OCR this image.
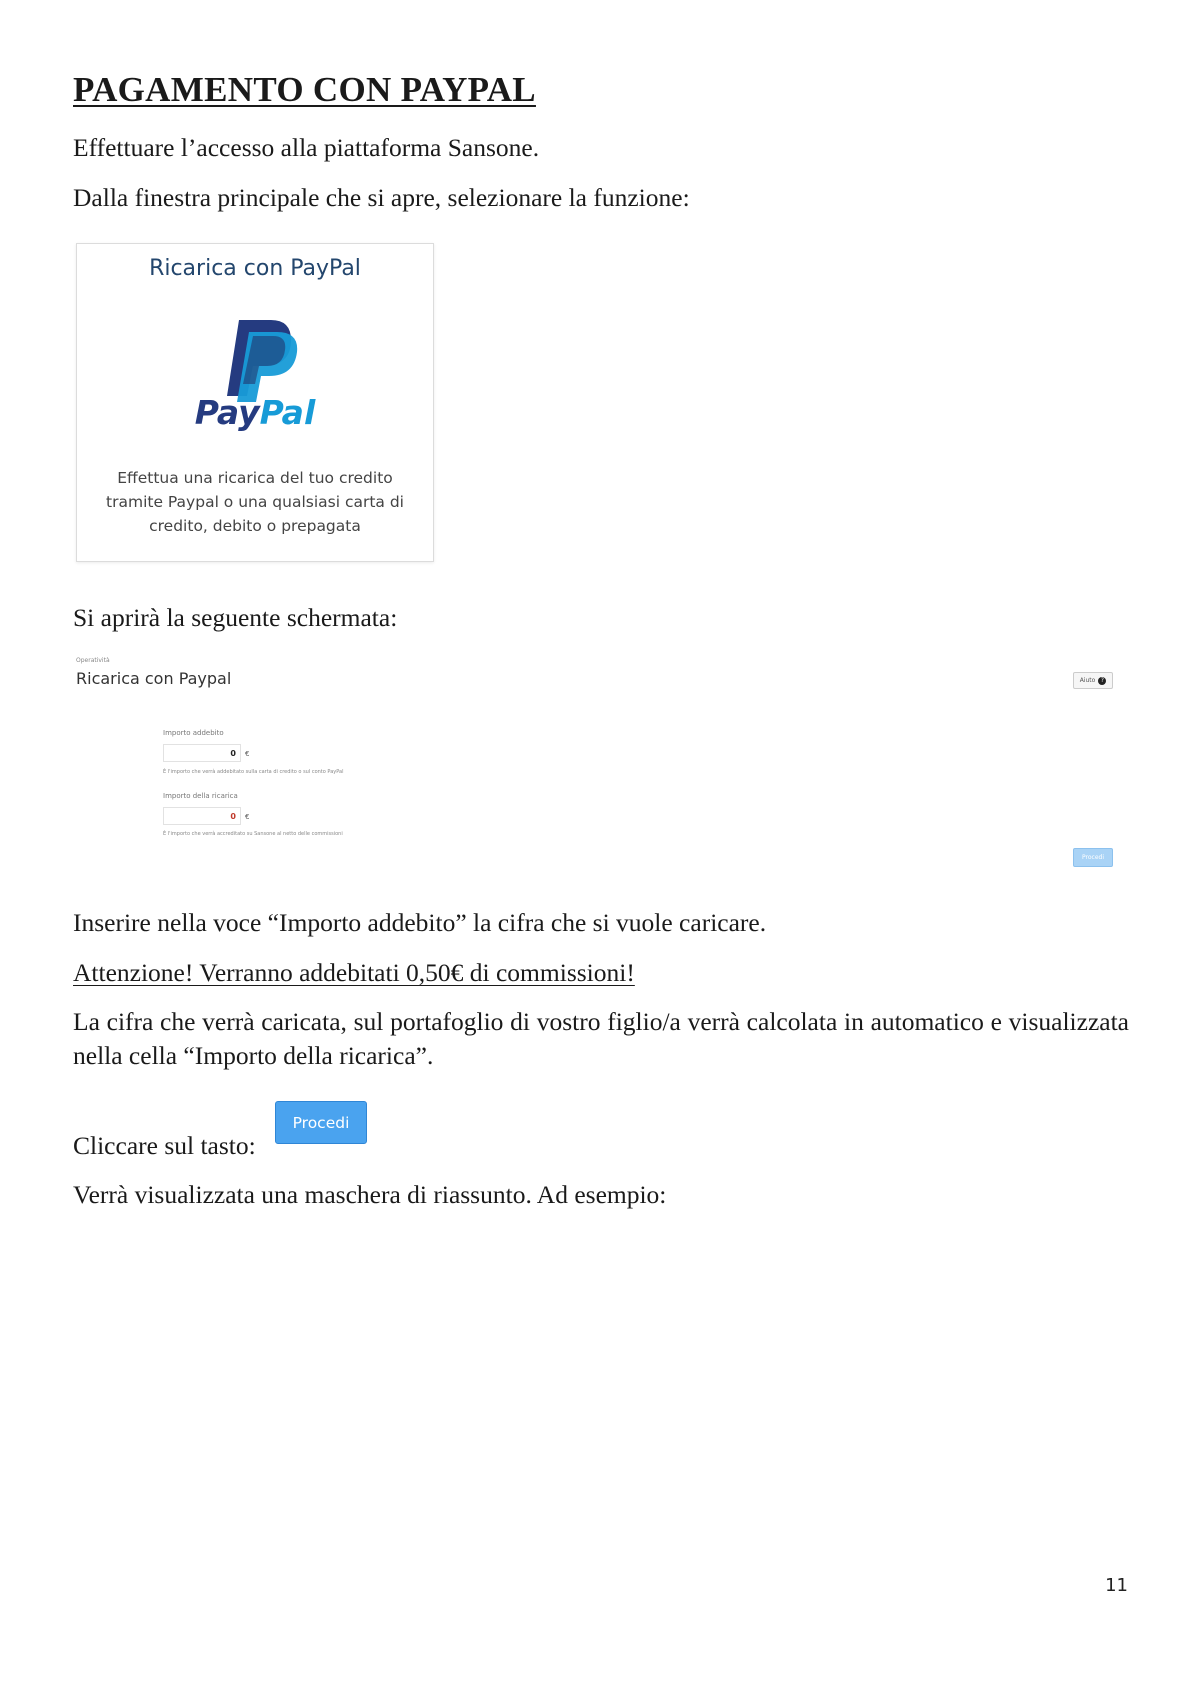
PAGAMENTO CON PAYPAL

Effettuare l’accesso alla piattaforma Sansone.

Dalla finestra principale che si apre, selezionare la funzione:

Ricarica con PayPal

PayPal

Effettua una ricarica del tuo credito tramite Paypal o una qualsiasi carta di credito, debito o prepagata

Si aprirà la seguente schermata:

Operatività
Ricarica con Paypal	Aiuto ?
Importo addebito
0	€
È l'importo che verrà addebitato sulla carta di credito o sul conto PayPal
Importo della ricarica
0	€
È l'importo che verrà accreditato su Sansone al netto delle commissioni
Procedi

Inserire nella voce “Importo addebito” la cifra che si vuole caricare.

Attenzione! Verranno addebitati 0,50€ di commissioni!

La cifra che verrà caricata, sul portafoglio di vostro figlio/a verrà calcolata in automatico e visualizzata nella cella “Importo della ricarica”.

Cliccare sul tasto:

Procedi

Verrà visualizzata una maschera di riassunto. Ad esempio:

11
